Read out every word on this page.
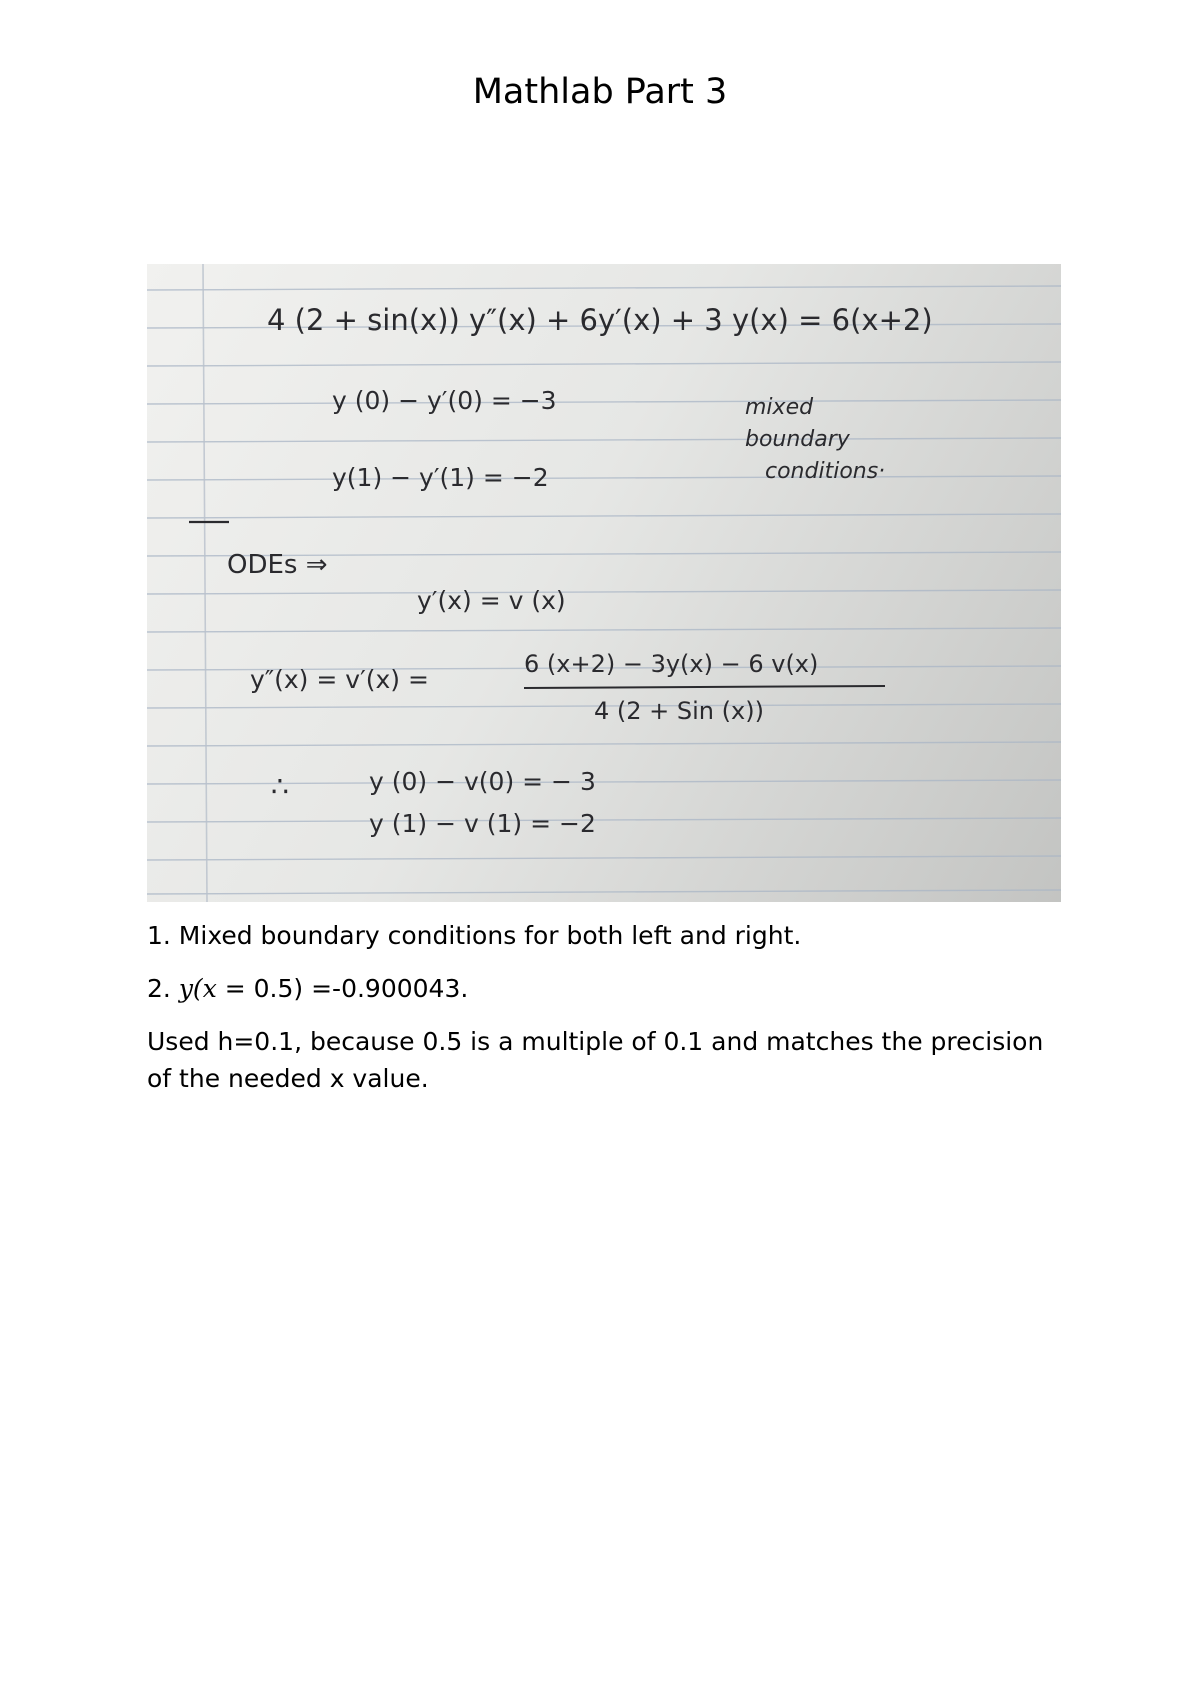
Mathlab Part 3
4 (2 + sin(x)) y″(x) + 6y′(x) + 3 y(x) = 6(x+2)
y (0) − y′(0) = −3
y(1) − y′(1) = −2
mixed
boundary
conditions·
ODEs ⇒
y′(x) = v (x)
y″(x) = v′(x) =
6 (x+2) − 3y(x) − 6 v(x)
4 (2 + Sin (x))
∴	y (0) − v(0) = − 3
y (1) − v (1) = −2

1. Mixed boundary conditions for both left and right.

2. y(x = 0.5) =-0.900043.

Used h=0.1, because 0.5 is a multiple of 0.1 and matches the precision of the needed x value.
